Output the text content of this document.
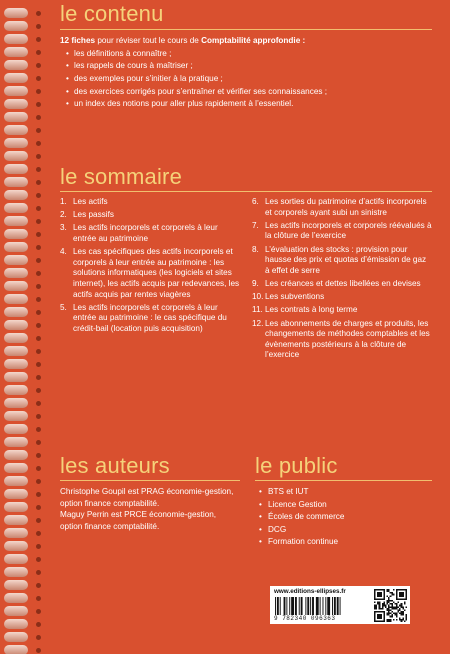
le contenu

12 fiches pour réviser tout le cours de Comptabilité approfondie :

• les définitions à connaître ;
• les rappels de cours à maîtriser ;
• des exemples pour s’initier à la pratique ;
• des exercices corrigés pour s’entraîner et vérifier ses connaissances ;
• un index des notions pour aller plus rapidement à l’essentiel.
le sommaire
1. Les actifs
2. Les passifs
3. Les actifs incorporels et corporels à leur entrée au patrimoine
4. Les cas spécifiques des actifs incorporels et corporels à leur entrée au patrimoine : les solutions informatiques (les logiciels et sites internet), les actifs acquis par redevances, les actifs acquis par rentes viagères
5. Les actifs incorporels et corporels à leur entrée au patrimoine : le cas spécifique du crédit-bail (location puis acquisition)
6. Les sorties du patrimoine d’actifs incorporels et corporels ayant subi un sinistre
7. Les actifs incorporels et corporels réévalués à la clôture de l’exercice
8. L’évaluation des stocks : provision pour hausse des prix et quotas d’émission de gaz à effet de serre
9. Les créances et dettes libellées en devises
10. Les subventions
11. Les contrats à long terme
12. Les abonnements de charges et produits, les changements de méthodes comptables et les évènements postérieurs à la clôture de l’exercice
les auteurs

Christophe Goupil est PRAG économie-gestion, option finance comptabilité.

Maguy Perrin est PRCE économie-gestion, option finance comptabilité.

le public
• BTS et IUT
• Licence Gestion
• Écoles de commerce
• DCG
• Formation continue
www.editions-ellipses.fr
9 782340 096363
